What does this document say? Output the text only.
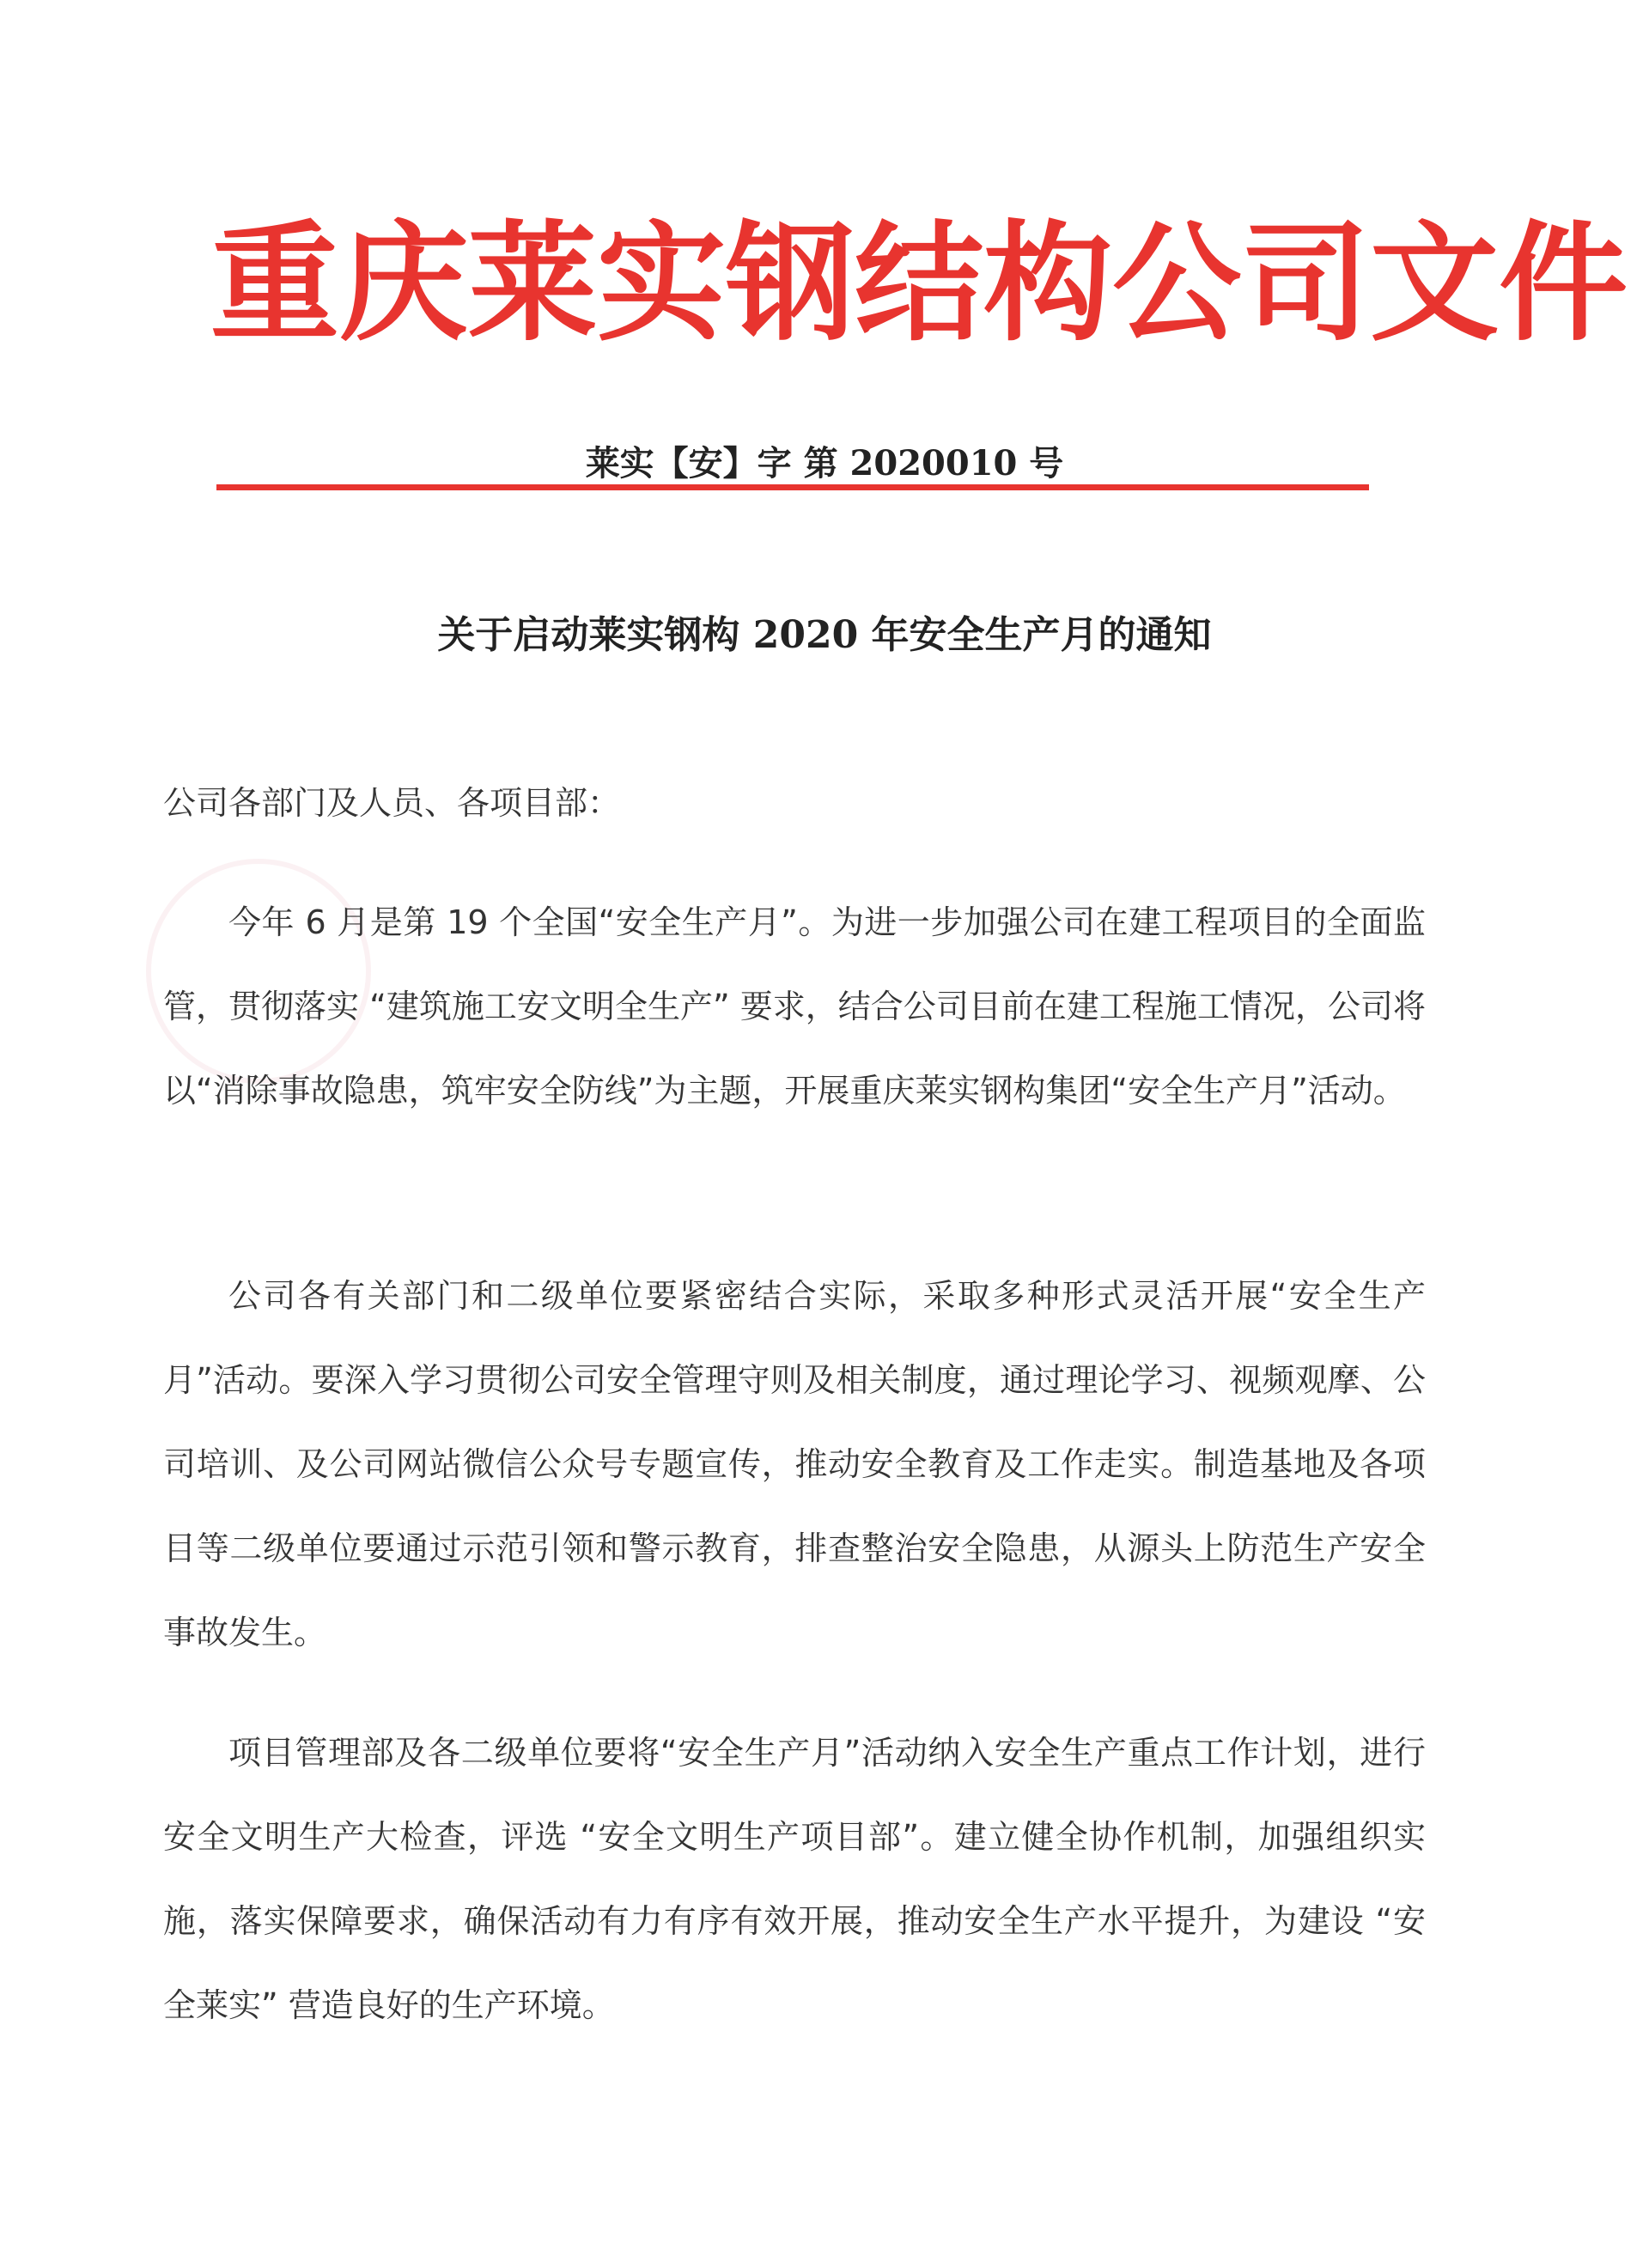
重 庆 莱 实 钢 结 构 公 司 文 件
莱实【安】字 第 2020010 号
关于启动莱实钢构 2020 年安全生产月的通知
公司各部门及人员、各项目部：

今年 6 月是第 19 个全国“安全生产月”。为进一步加强公司在建工程项目的全面监管，贯彻落实 “建筑施工安文明全生产” 要求，结合公司目前在建工程施工情况，公司将以“消除事故隐患，筑牢安全防线”为主题，开展重庆莱实钢构集团“安全生产月”活动。

公司各有关部门和二级单位要紧密结合实际，采取多种形式灵活开展“安全生产月”活动。要深入学习贯彻公司安全管理守则及相关制度，通过理论学习、视频观摩、公司培训、及公司网站微信公众号专题宣传，推动安全教育及工作走实。制造基地及各项目等二级单位要通过示范引领和警示教育，排查整治安全隐患，从源头上防范生产安全事故发生。

项目管理部及各二级单位要将“安全生产月”活动纳入安全生产重点工作计划，进行安全文明生产大检查，评选 “安全文明生产项目部”。建立健全协作机制，加强组织实施，落实保障要求，确保活动有力有序有效开展，推动安全生产水平提升，为建设 “安全莱实” 营造良好的生产环境。
